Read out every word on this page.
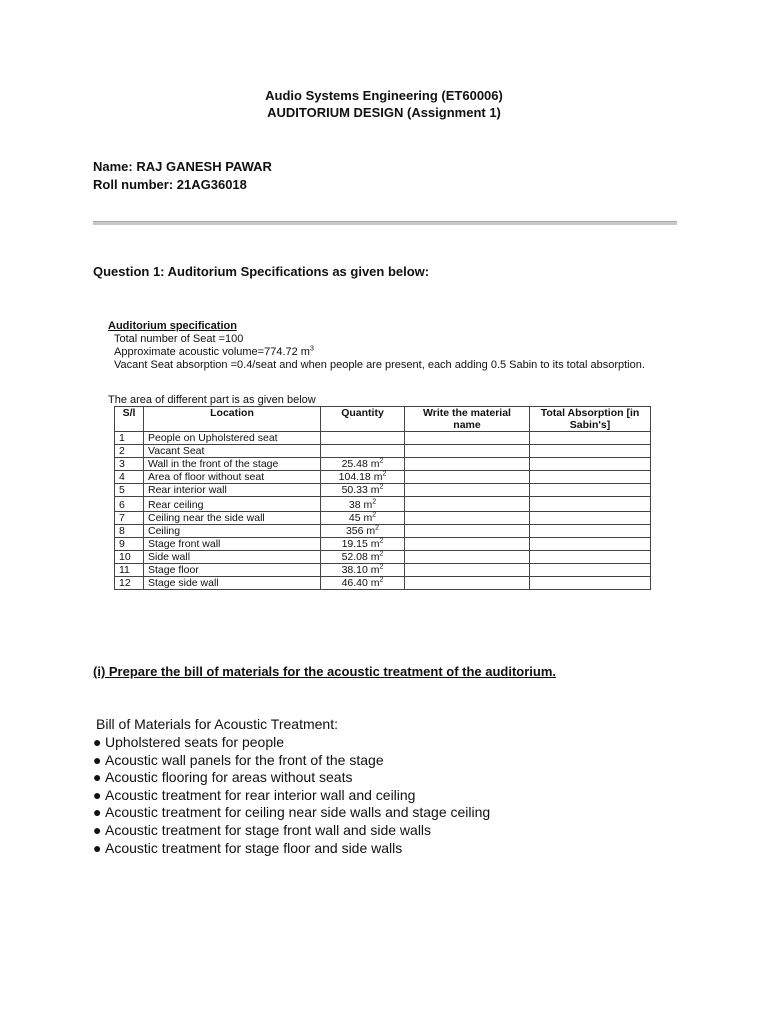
Audio Systems Engineering (ET60006)
AUDITORIUM DESIGN (Assignment 1)
Name: RAJ GANESH PAWAR
Roll number: 21AG36018
Question 1: Auditorium Specifications as given below:
Auditorium specification
Total number of Seat =100
Approximate acoustic volume=774.72 $m^3$
Vacant Seat absorption =0.4/seat and when people are present, each adding 0.5 Sabin to its total absorption.
The area of different part is as given below
S/l	Location	Quantity	Write the material name	Total Absorption [in Sabin's]
1	People on Upholstered seat			
2	Vacant Seat			
3	Wall in the front of the stage	25.48 $m^2$		
4	Area of floor without seat	104.18 $m^2$		
5	Rear interior wall	50.33 $m^2$		
6	Rear ceiling	38 $m^2$		
7	Ceiling near the side wall	45 $m^2$		
8	Ceiling	356 $m^2$		
9	Stage front wall	19.15 $m^2$		
10	Side wall	52.08 $m^2$		
11	Stage floor	38.10 $m^2$		
12	Stage side wall	46.40 $m^2$		
(i) Prepare the bill of materials for the acoustic treatment of the auditorium.
Bill of Materials for Acoustic Treatment:
● Upholstered seats for people
● Acoustic wall panels for the front of the stage
● Acoustic flooring for areas without seats
● Acoustic treatment for rear interior wall and ceiling
● Acoustic treatment for ceiling near side walls and stage ceiling
● Acoustic treatment for stage front wall and side walls
● Acoustic treatment for stage floor and side walls
